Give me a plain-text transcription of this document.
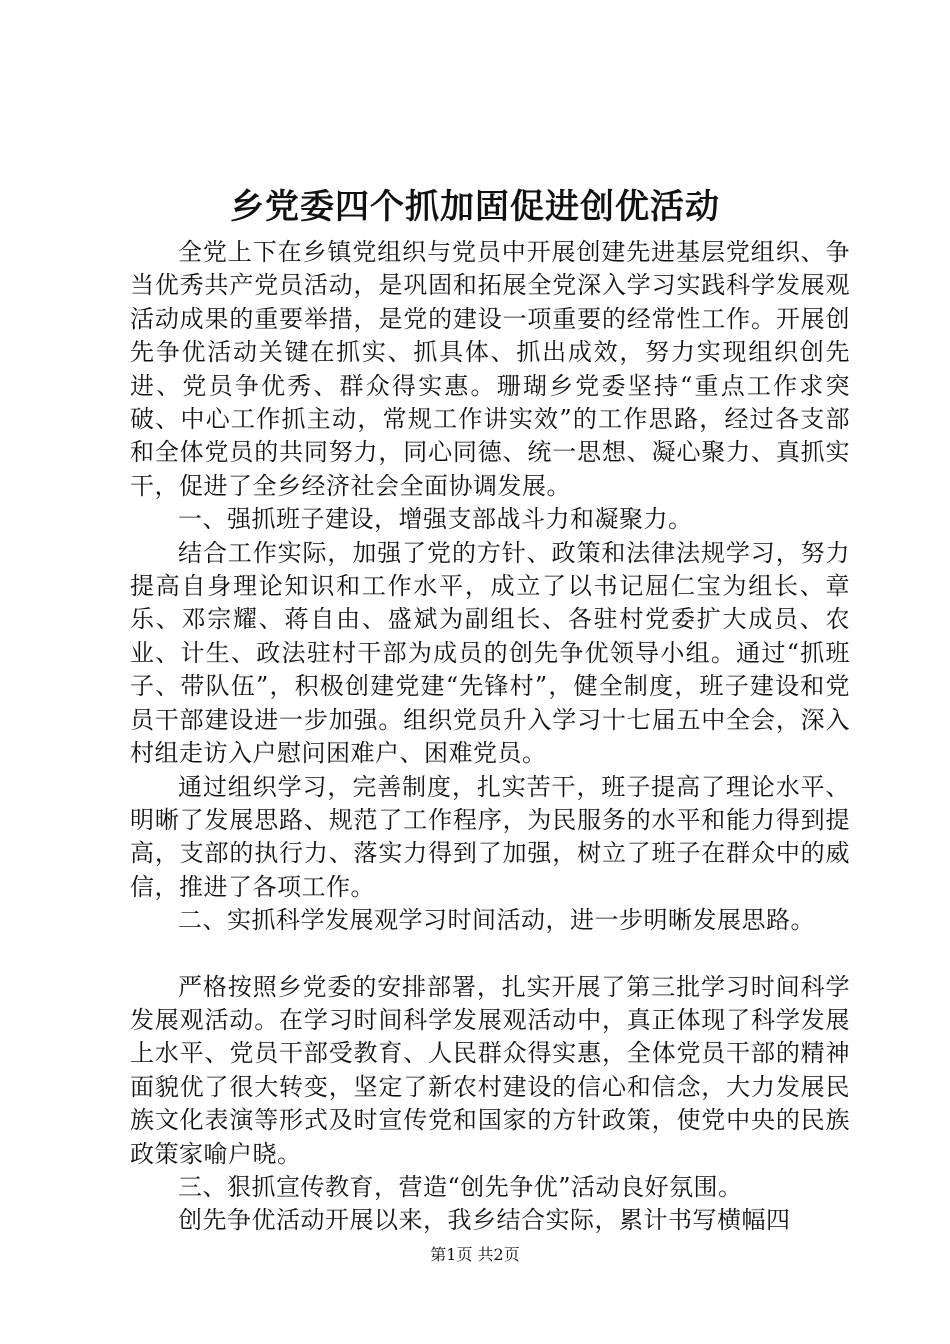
乡党委四个抓加固促进创优活动

全党上下在乡镇党组织与党员中开展创建先进基层党组织、争当优秀共产党员活动，是巩固和拓展全党深入学习实践科学发展观活动成果的重要举措，是党的建设一项重要的经常性工作。开展创先争优活动关键在抓实、抓具体、抓出成效，努力实现组织创先进、党员争优秀、群众得实惠。珊瑚乡党委坚持“重点工作求突破、中心工作抓主动，常规工作讲实效”的工作思路，经过各支部和全体党员的共同努力，同心同德、统一思想、凝心聚力、真抓实干，促进了全乡经济社会全面协调发展。

一、强抓班子建设，增强支部战斗力和凝聚力。

结合工作实际，加强了党的方针、政策和法律法规学习，努力提高自身理论知识和工作水平，成立了以书记屈仁宝为组长、章乐、邓宗耀、蒋自由、盛斌为副组长、各驻村党委扩大成员、农业、计生、政法驻村干部为成员的创先争优领导小组。通过“抓班子、带队伍”，积极创建党建“先锋村”，健全制度，班子建设和党员干部建设进一步加强。组织党员升入学习十七届五中全会，深入村组走访入户慰问困难户、困难党员。

通过组织学习，完善制度，扎实苦干，班子提高了理论水平、明晰了发展思路、规范了工作程序，为民服务的水平和能力得到提高，支部的执行力、落实力得到了加强，树立了班子在群众中的威信，推进了各项工作。

二、实抓科学发展观学习时间活动，进一步明晰发展思路。

严格按照乡党委的安排部署，扎实开展了第三批学习时间科学发展观活动。在学习时间科学发展观活动中，真正体现了科学发展上水平、党员干部受教育、人民群众得实惠，全体党员干部的精神面貌优了很大转变，坚定了新农村建设的信心和信念，大力发展民族文化表演等形式及时宣传党和国家的方针政策，使党中央的民族政策家喻户晓。

三、狠抓宣传教育，营造“创先争优”活动良好氛围。

创先争优活动开展以来，我乡结合实际，累计书写横幅四

第1页 共2页
